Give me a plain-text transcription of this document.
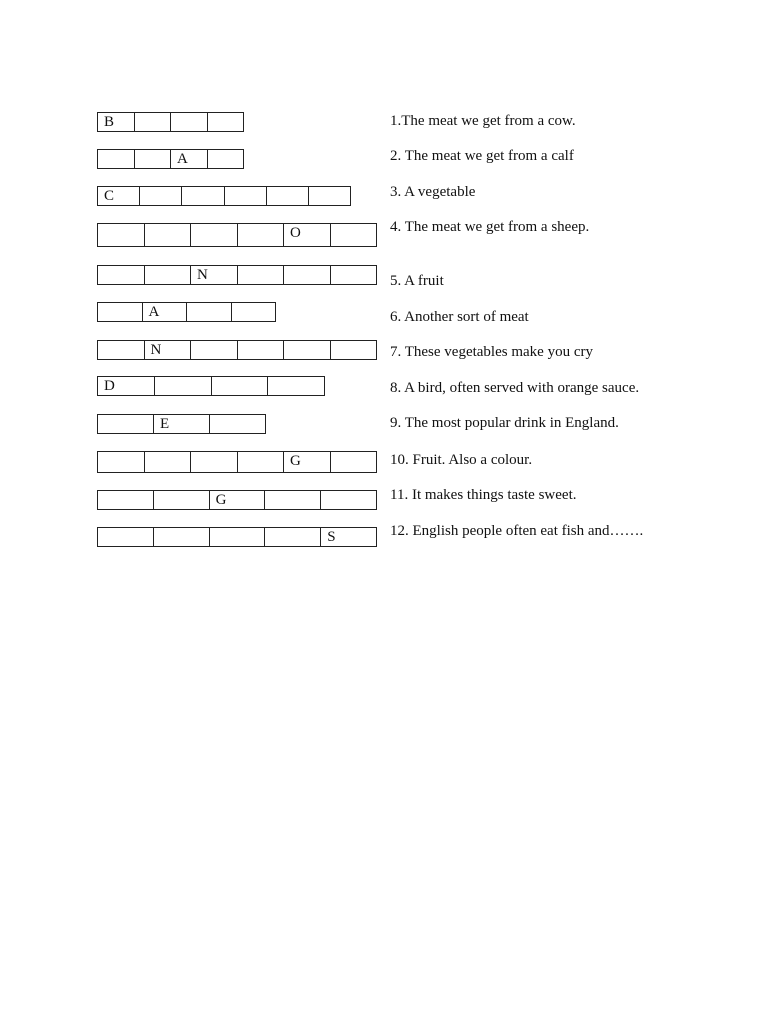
B	1.The meat we get from a cow.
A	2. The meat we get from a calf
C	3. A vegetable
O	4. The meat we get from a sheep.
N	5. A fruit
A	6. Another sort of meat
N	7. These vegetables make you cry
D	8. A bird, often served with orange sauce.
E	9. The most popular drink in England.
G	10. Fruit. Also a colour.
G	11. It makes things taste sweet.
S	12. English people often eat fish and…….
